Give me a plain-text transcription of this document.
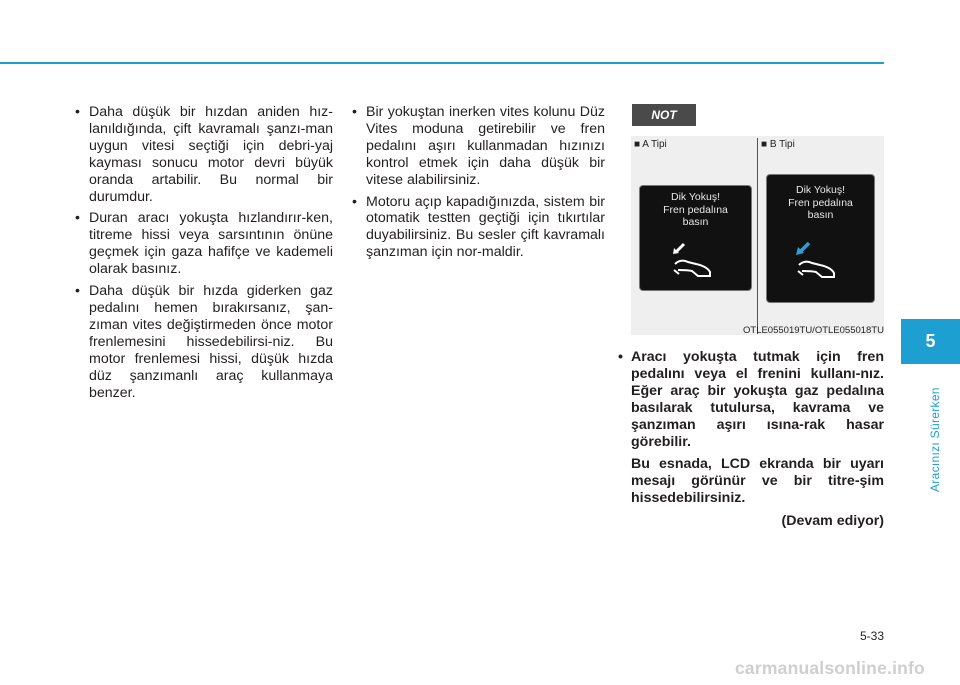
• Daha düşük bir hızdan aniden hız-lanıldığında, çift kavramalı şanzı-man uygun vitesi seçtiği için debri-yaj kayması sonucu motor devri büyük oranda artabilir. Bu normal bir durumdur.
• Duran aracı yokuşta hızlandırır-ken, titreme hissi veya sarsıntının önüne geçmek için gaza hafifçe ve kademeli olarak basınız.
• Daha düşük bir hızda giderken gaz pedalını hemen bırakırsanız, şan-zıman vites değiştirmeden önce motor frenlemesini hissedebilirsi-niz. Bu motor frenlemesi hissi, düşük hızda düz şanzımanlı araç kullanmaya benzer.
• Bir yokuştan inerken vites kolunu Düz Vites moduna getirebilir ve fren pedalını aşırı kullanmadan hızınızı kontrol etmek için daha düşük bir vitese alabilirsiniz.
• Motoru açıp kapadığınızda, sistem bir otomatik testten geçtiği için tıkırtılar duyabilirsiniz. Bu sesler çift kavramalı şanzıman için nor-maldir.
NOT
■ A Tipi	■ B Tipi
Dik Yokuş!
Fren pedalına
basın
Dik Yokuş!
Fren pedalına
basın
OTLE055019TU/OTLE055018TU
• Aracı yokuşta tutmak için fren pedalını veya el frenini kullanı-nız. Eğer araç bir yokuşta gaz pedalına basılarak tutulursa, kavrama ve şanzıman aşırı ısına-rak hasar görebilir.

Bu esnada, LCD ekranda bir uyarı mesajı görünür ve bir titre-şim hissedebilirsiniz.

(Devam ediyor)
5
Aracınızı Sürerken
5-33
carmanualsonline.info
